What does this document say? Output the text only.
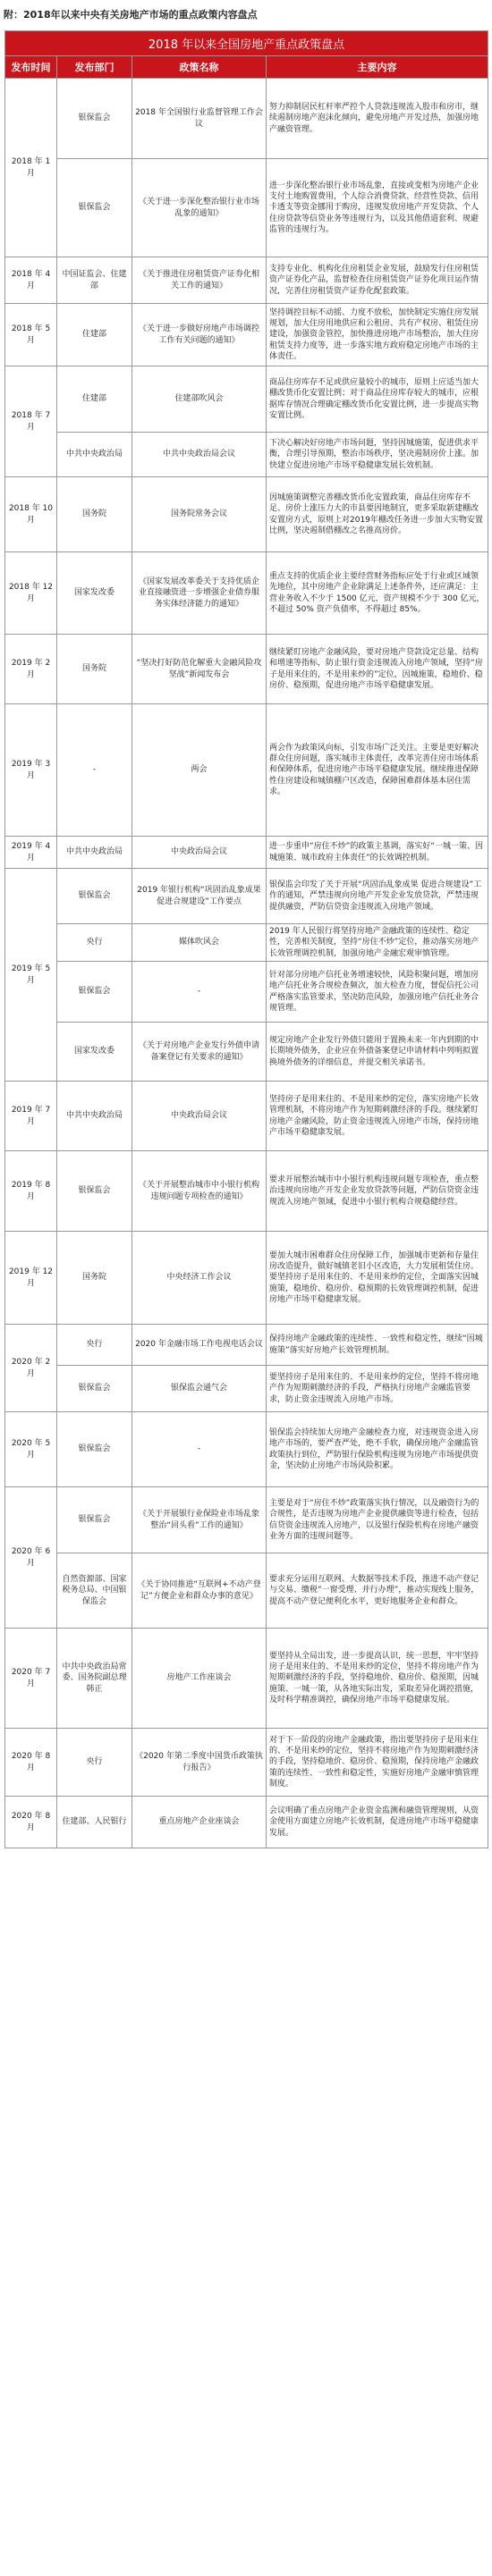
附：2018年以来中央有关房地产市场的重点政策内容盘点
2018 年以来全国房地产重点政策盘点			
发布时间	发布部门	政策名称	主要内容
2018 年 1 月	银保监会	2018 年全国银行业监督管理工作会议	努力抑制居民杠杆率严控个人贷款违规流入股市和房市，继续遏制房地产泡沫化倾向，避免房地产开发过热，加强房地产融资管理。
	银保监会	《关于进一步深化整治银行业市场乱象的通知》	进一步深化整治银行业市场乱象，直接或变相为房地产企业支付土地购置费用，个人综合消费贷款、经营性贷款、信用卡透支等资金挪用于购房，违规发放房地产开发贷款、个人住房贷款等信贷业务等违规行为，以及其他借道套利、规避监管的违规行为。
2018 年 4 月	中国证监会、住建部	《关于推进住房租赁资产证券化相关工作的通知》	支持专业化、机构化住房租赁企业发展，鼓励发行住房租赁资产证券化产品，监督检查住房租赁资产证券化项目运作情况，完善住房租赁资产证券化配套政策。
2018 年 5 月	住建部	《关于进一步做好房地产市场调控工作有关问题的通知》	坚持调控目标不动摇、力度不放松，加快制定实施住房发展规划，加大住房用地供应和公租房、共有产权房、租赁住房建设，加强资金管控，加快推进房地产市场整治，加大住房租赁支持力度等，进一步落实地方政府稳定房地产市场的主体责任。
2018 年 7 月	住建部	住建部吹风会	商品住房库存不足或供应量较小的城市，原则上应适当加大棚改货币化安置比例；对于商品住房库存较大的城市，应根据库存情况合理确定棚改货币化安置比例，进一步提高实物安置比例。
	中共中央政治局	中共中央政治局会议	下决心解决好房地产市场问题，坚持因城施策，促进供求平衡，合理引导预期，整治市场秩序，坚决遏制房价上涨。加快建立促进房地产市场平稳健康发展长效机制。
2018 年 10 月	国务院	国务院常务会议	因城施策调整完善棚改货币化安置政策，商品住房库存不足、房价上涨压力大的市县要因地制宜，更多采取新建棚改安置房方式，原则上对2019年棚改任务进一步加大实物安置比例，坚决遏制借棚改之名推高房价。
2018 年 12 月	国家发改委	《国家发展改革委关于支持优质企业直接融资进一步增强企业债券服务实体经济能力的通知》	重点支持的优质企业主要经营财务指标应处于行业或区域领先地位，其中房地产企业除满足上述条件外，还应满足：主营业务收入不少于 1500 亿元，资产规模不少于 300 亿元，不超过 50% 资产负债率，不得超过 85%。
2019 年 2 月	国务院	“坚决打好防范化解重大金融风险攻坚战”新闻发布会	继续紧盯房地产金融风险，要对房地产贷款设定总量、结构和增速等指标，防止银行资金违规流入房地产领域，坚持“房子是用来住的，不是用来炒的”定位，因城施策，稳地价、稳房价、稳预期，促进房地产市场平稳健康发展。
2019 年 3 月	-	两会	两会作为政策风向标，引发市场广泛关注。主要是更好解决群众住房问题，落实城市主体责任，改革完善住房市场体系和保障体系，促进房地产市场平稳健康发展。继续推进保障性住房建设和城镇棚户区改造，保障困难群体基本居住需求。
2019 年 4 月	中共中央政治局	中央政治局会议	进一步重申“房住不炒”的政策主基调，落实好“一城一策、因城施策、城市政府主体责任”的长效调控机制。
2019 年 5 月	银保监会	2019 年银行机构“巩固治乱象成果 促进合规建设”工作要点	银保监会印发了关于开展“巩固治乱象成果 促进合规建设”工作的通知，严禁违规向房地产开发企业发放贷款，严禁违规提供融资，严防信贷资金违规流入房地产领域。
	央行	媒体吹风会	2019 年人民银行将坚持房地产金融政策的连续性、稳定性，完善相关制度，坚持“房住不炒”定位，推动落实房地产长效管理调控机制，加强房地产金融宏观审慎管理。
	银保监会	-	针对部分房地产信托业务增速较快，风险积聚问题，增加房地产信托业务合规检查频次，加大检查力度，督促信托公司严格落实监管要求，坚决防范风险，加强房地产信托业务合规管理。
	国家发改委	《关于对房地产企业发行外债申请备案登记有关要求的通知》	规定房地产企业发行外债只能用于置换未来一年内到期的中长期境外债务，企业应在外债备案登记申请材料中列明拟置换境外债务的详细信息，并提交相关承诺书。
2019 年 7 月	中共中央政治局	中央政治局会议	坚持房子是用来住的、不是用来炒的定位，落实房地产长效管理机制，不将房地产作为短期刺激经济的手段。继续紧盯房地产金融风险，防止资金违规流入房地产市场，保持房地产市场平稳健康发展。
2019 年 8 月	银保监会	《关于开展整治城市中小银行机构违规问题专项检查的通知》	要求开展整治城市中小银行机构违规问题专项检查，重点整治违规向房地产开发企业发放贷款等问题，严防信贷资金违规流入房地产领域，促进中小银行机构合规稳健经营。
2019 年 12 月	国务院	中央经济工作会议	要加大城市困难群众住房保障工作，加强城市更新和存量住房改造提升，做好城镇老旧小区改造，大力发展租赁住房。要坚持房子是用来住的、不是用来炒的定位，全面落实因城施策，稳地价、稳房价、稳预期的长效管理调控机制，促进房地产市场平稳健康发展。
2020 年 2 月	央行	2020 年金融市场工作电视电话会议	保持房地产金融政策的连续性、一致性和稳定性，继续“因城施策”落实好房地产长效管理机制。
	银保监会	银保监会通气会	要坚持房子是用来住的、不是用来炒的定位，坚持不将房地产作为短期刺激经济的手段，严格执行房地产金融监管要求，防止资金违规流入房地产市场。
2020 年 5 月	银保监会	-	银保监会持续加大房地产金融检查力度，对违规资金进入房地产市场的，要严查严处，绝不手软，确保房地产金融监管政策执行到位，严防银行保险机构违规为房地产市场提供资金，坚决防止房地产市场风险积累。
2020 年 6 月	银保监会	《关于开展银行业保险业市场乱象整治“回头看”工作的通知》	主要是对于“房住不炒”政策落实执行情况，以及融资行为的合规性，是否违规为房地产企业提供融资等进行检查，包括信贷资金违规流入房地产，以及银行保险机构在房地产融资业务方面的违规问题等。
	自然资源部、国家税务总局、中国银保监会	《关于协同推进“互联网+不动产登记”方便企业和群众办事的意见》	要求充分运用互联网、大数据等技术手段，推进不动产登记与交易、缴税“一窗受理、并行办理”，推动实现线上服务，提高不动产登记便利化水平，更好地服务企业和群众。
2020 年 7 月	中共中央政治局常委、国务院副总理韩正	房地产工作座谈会	要坚持从全局出发，进一步提高认识，统一思想，牢牢坚持房子是用来住的、不是用来炒的定位，坚持不将房地产作为短期刺激经济的手段，坚持稳地价、稳房价、稳预期，因城施策、一城一策，从各地实际出发，采取差异化调控措施，及时科学精准调控，确保房地产市场平稳健康发展。
2020 年 8 月	央行	《2020 年第二季度中国货币政策执行报告》	对于下一阶段的房地产金融政策，指出要坚持房子是用来住的、不是用来炒的定位，坚持不将房地产作为短期刺激经济的手段，坚持稳地价、稳房价、稳预期，保持房地产金融政策的连续性、一致性和稳定性，实施好房地产金融审慎管理制度。
2020 年 8 月	住建部、人民银行	重点房地产企业座谈会	会议明确了重点房地产企业资金监测和融资管理规则，从资金使用方面建立房地产长效机制，促进房地产市场平稳健康发展。
